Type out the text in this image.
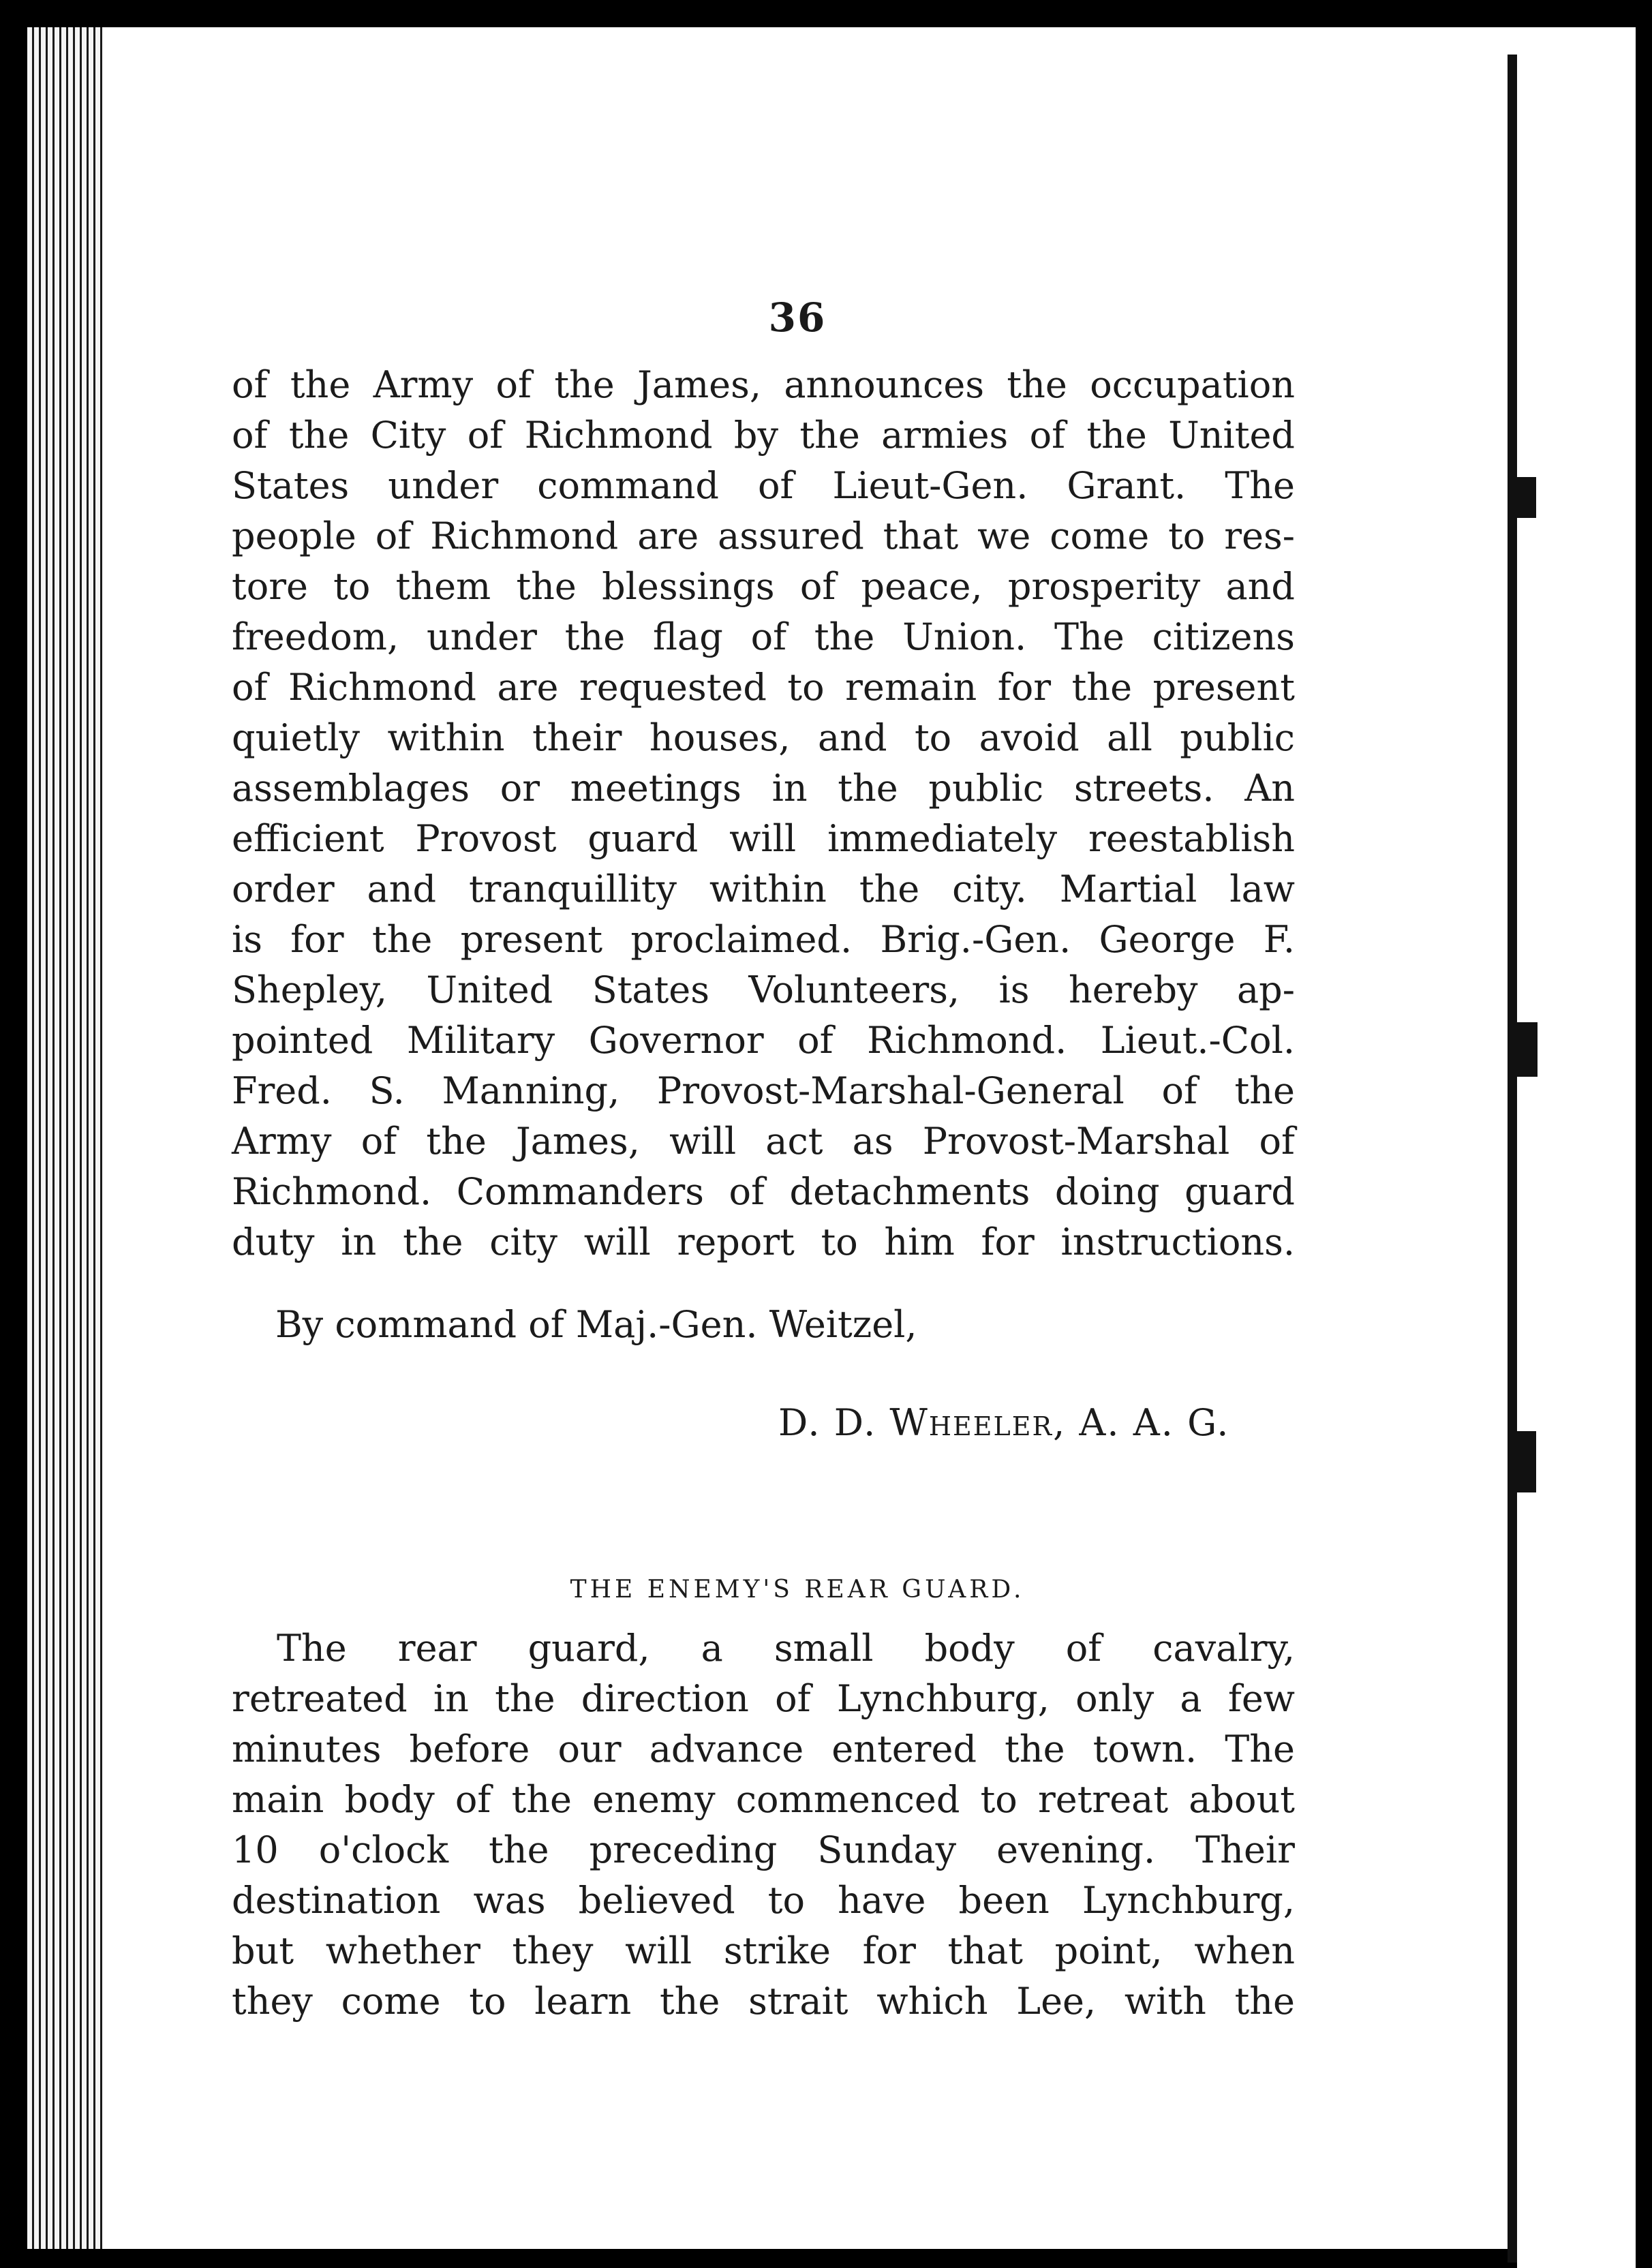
36
THE ENEMY'S REAR GUARD.
of the Army of the James, announces the occupation
of the City of Richmond by the armies of the United
States under command of Lieut-Gen. Grant. The
people of Richmond are assured that we come to res-
tore to them the blessings of peace, prosperity and
freedom, under the flag of the Union. The citizens
of Richmond are requested to remain for the present
quietly within their houses, and to avoid all public
assemblages or meetings in the public streets. An
efficient Provost guard will immediately reestablish
order and tranquillity within the city. Martial law
is for the present proclaimed. Brig.-Gen. George F.
Shepley, United States Volunteers, is hereby ap-
pointed Military Governor of Richmond. Lieut.-Col.
Fred. S. Manning, Provost-Marshal-General of the
Army of the James, will act as Provost-Marshal of
Richmond. Commanders of detachments doing guard
duty in the city will report to him for instructions.
By command of Maj.-Gen. Weitzel,
D. D. Wheeler, A. A. G.
The rear guard, a small body of cavalry,
retreated in the direction of Lynchburg, only a few
minutes before our advance entered the town. The
main body of the enemy commenced to retreat about
10 o'clock the preceding Sunday evening. Their
destination was believed to have been Lynchburg,
but whether they will strike for that point, when
they come to learn the strait which Lee, with the
